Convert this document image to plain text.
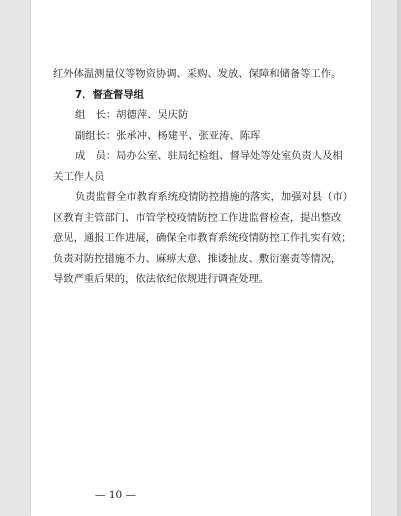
红外体温测量仪等物资协调、采购、发放、保障和储备等工作。
7．督查督导组
组　长：胡德萍、吴庆防
副组长：张承冲、杨建平、张亚涛、陈珲
成　员：局办公室、驻局纪检组、督导处等处室负责人及相
关工作人员
负责监督全市教育系统疫情防控措施的落实，加强对县（市）
区教育主管部门、市管学校疫情防控工作进监督检查，提出整改
意见，通报工作进展，确保全市教育系统疫情防控工作扎实有效；
负责对防控措施不力、麻痹大意、推诿扯皮、敷衍塞责等情况，
导致严重后果的，依法依纪依规进行调查处理。
— 10 —
